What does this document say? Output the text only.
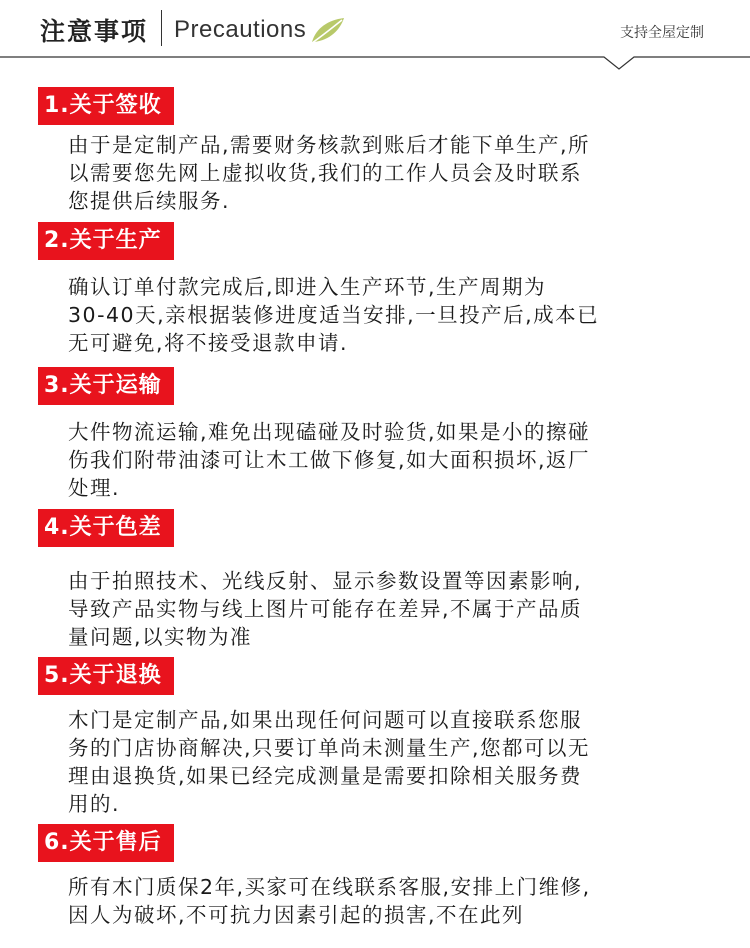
注意事项 Precautions	支持全屋定制
1.关于签收
由于是定制产品,需要财务核款到账后才能下单生产,所
以需要您先网上虚拟收货,我们的工作人员会及时联系
您提供后续服务.
2.关于生产
确认订单付款完成后,即进入生产环节,生产周期为
30-40天,亲根据装修进度适当安排,一旦投产后,成本已
无可避免,将不接受退款申请.
3.关于运输
大件物流运输,难免出现磕碰及时验货,如果是小的擦碰
伤我们附带油漆可让木工做下修复,如大面积损坏,返厂
处理.
4.关于色差
由于拍照技术、光线反射、显示参数设置等因素影响,
导致产品实物与线上图片可能存在差异,不属于产品质
量问题,以实物为准
5.关于退换
木门是定制产品,如果出现任何问题可以直接联系您服
务的门店协商解决,只要订单尚未测量生产,您都可以无
理由退换货,如果已经完成测量是需要扣除相关服务费
用的.
6.关于售后
所有木门质保2年,买家可在线联系客服,安排上门维修,
因人为破坏,不可抗力因素引起的损害,不在此列
